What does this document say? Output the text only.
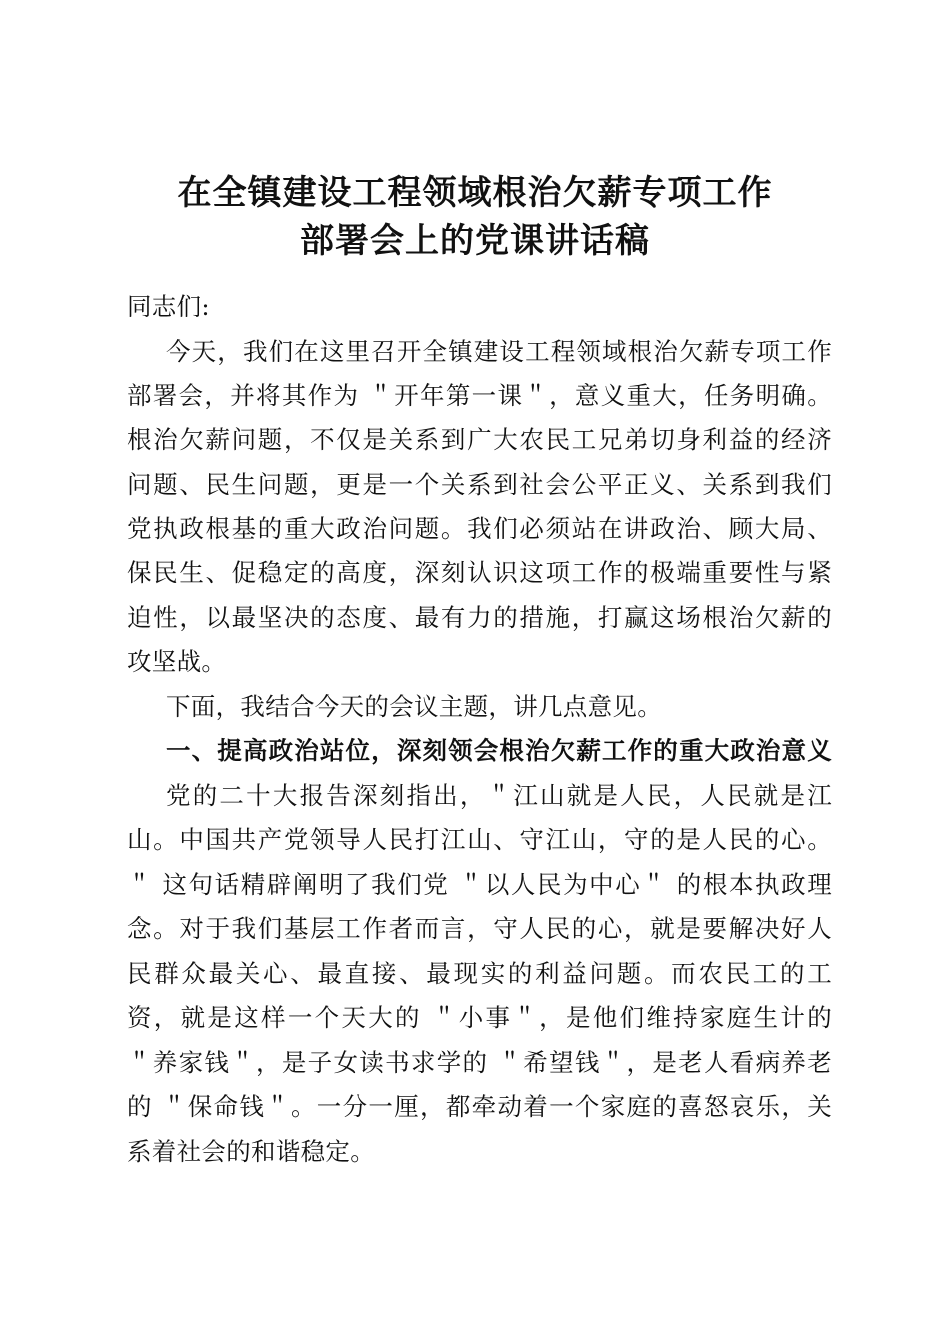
在全镇建设工程领域根治欠薪专项工作
部署会上的党课讲话稿
同志们:
今天，我们在这里召开全镇建设工程领域根治欠薪专项工作
部署会，并将其作为 ＂开年第一课＂，意义重大，任务明确。
根治欠薪问题，不仅是关系到广大农民工兄弟切身利益的经济
问题、民生问题，更是一个关系到社会公平正义、关系到我们
党执政根基的重大政治问题。我们必须站在讲政治、顾大局、
保民生、促稳定的高度，深刻认识这项工作的极端重要性与紧
迫性，以最坚决的态度、最有力的措施，打赢这场根治欠薪的
攻坚战。
下面，我结合今天的会议主题，讲几点意见。
一、提高政治站位，深刻领会根治欠薪工作的重大政治意义
党的二十大报告深刻指出，＂江山就是人民，人民就是江
山。中国共产党领导人民打江山、守江山，守的是人民的心。
＂ 这句话精辟阐明了我们党 ＂以人民为中心＂ 的根本执政理
念。对于我们基层工作者而言，守人民的心，就是要解决好人
民群众最关心、最直接、最现实的利益问题。而农民工的工
资，就是这样一个天大的 ＂小事＂，是他们维持家庭生计的
＂养家钱＂，是子女读书求学的 ＂希望钱＂，是老人看病养老
的 ＂保命钱＂。一分一厘，都牵动着一个家庭的喜怒哀乐，关
系着社会的和谐稳定。
